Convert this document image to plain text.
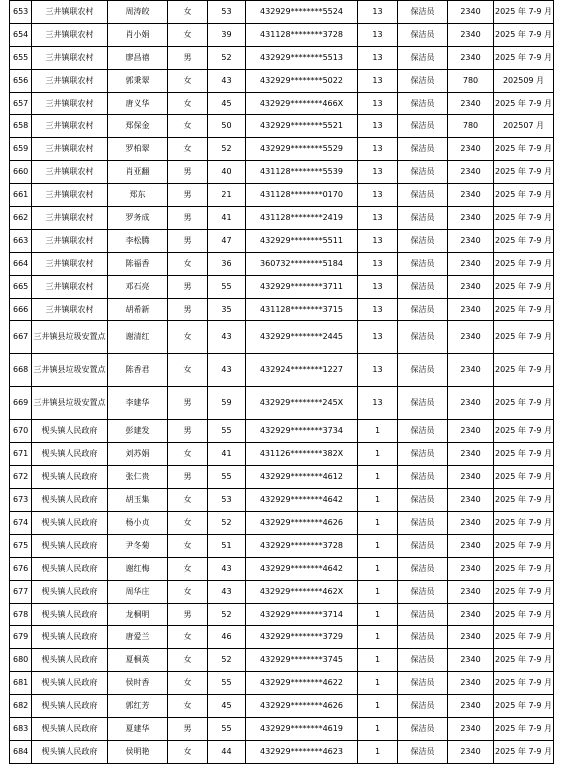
653	三井镇联农村	周涛皎	女	53	432929********5524	13	保洁员	2340	2025 年 7-9 月
654	三井镇联农村	肖小娟	女	39	431128********3728	13	保洁员	2340	2025 年 7-9 月
655	三井镇联农村	廖昌禧	男	52	432929********5513	13	保洁员	2340	2025 年 7-9 月
656	三井镇联农村	郭秉翠	女	43	432929********5022	13	保洁员	780	202509 月
657	三井镇联农村	唐义华	女	45	432929********466X	13	保洁员	2340	2025 年 7-9 月
658	三井镇联农村	郑保金	女	50	432929********5521	13	保洁员	780	202507 月
659	三井镇联农村	罗柏翠	女	52	432929********5529	13	保洁员	2340	2025 年 7-9 月
660	三井镇联农村	肖亚翻	男	40	431128********5539	13	保洁员	2340	2025 年 7-9 月
661	三井镇联农村	郑东	男	21	431128********0170	13	保洁员	2340	2025 年 7-9 月
662	三井镇联农村	罗务成	男	41	431128********2419	13	保洁员	2340	2025 年 7-9 月
663	三井镇联农村	李松腾	男	47	432929********5511	13	保洁员	2340	2025 年 7-9 月
664	三井镇联农村	陈福香	女	36	360732********5184	13	保洁员	2340	2025 年 7-9 月
665	三井镇联农村	邓石亮	男	55	432929********3711	13	保洁员	2340	2025 年 7-9 月
666	三井镇联农村	胡希新	男	35	431128********3715	13	保洁员	2340	2025 年 7-9 月
667	三井镇县垃圾安置点	谢清红	女	43	432929********2445	13	保洁员	2340	2025 年 7-9 月
668	三井镇县垃圾安置点	陈香君	女	43	432924********1227	13	保洁员	2340	2025 年 7-9 月
669	三井镇县垃圾安置点	李建华	男	59	432929********245X	13	保洁员	2340	2025 年 7-9 月
670	枧头镇人民政府	彭建发	男	55	432929********3734	1	保洁员	2340	2025 年 7-9 月
671	枧头镇人民政府	刘苏娟	女	41	431126********382X	1	保洁员	2340	2025 年 7-9 月
672	枧头镇人民政府	张仁贵	男	55	432929********4612	1	保洁员	2340	2025 年 7-9 月
673	枧头镇人民政府	胡玉集	女	53	432929********4642	1	保洁员	2340	2025 年 7-9 月
674	枧头镇人民政府	杨小贞	女	52	432929********4626	1	保洁员	2340	2025 年 7-9 月
675	枧头镇人民政府	尹冬菊	女	51	432929********3728	1	保洁员	2340	2025 年 7-9 月
676	枧头镇人民政府	谢红梅	女	43	432929********4642	1	保洁员	2340	2025 年 7-9 月
677	枧头镇人民政府	周华庄	女	43	432929********462X	1	保洁员	2340	2025 年 7-9 月
678	枧头镇人民政府	龙桐明	男	52	432929********3714	1	保洁员	2340	2025 年 7-9 月
679	枧头镇人民政府	唐爱兰	女	46	432929********3729	1	保洁员	2340	2025 年 7-9 月
680	枧头镇人民政府	夏桐英	女	52	432929********3745	1	保洁员	2340	2025 年 7-9 月
681	枧头镇人民政府	侯时香	女	55	432929********4622	1	保洁员	2340	2025 年 7-9 月
682	枧头镇人民政府	郭红芳	女	45	432929********4626	1	保洁员	2340	2025 年 7-9 月
683	枧头镇人民政府	夏建华	男	55	432929********4619	1	保洁员	2340	2025 年 7-9 月
684	枧头镇人民政府	侯明艳	女	44	432929********4623	1	保洁员	2340	2025 年 7-9 月
